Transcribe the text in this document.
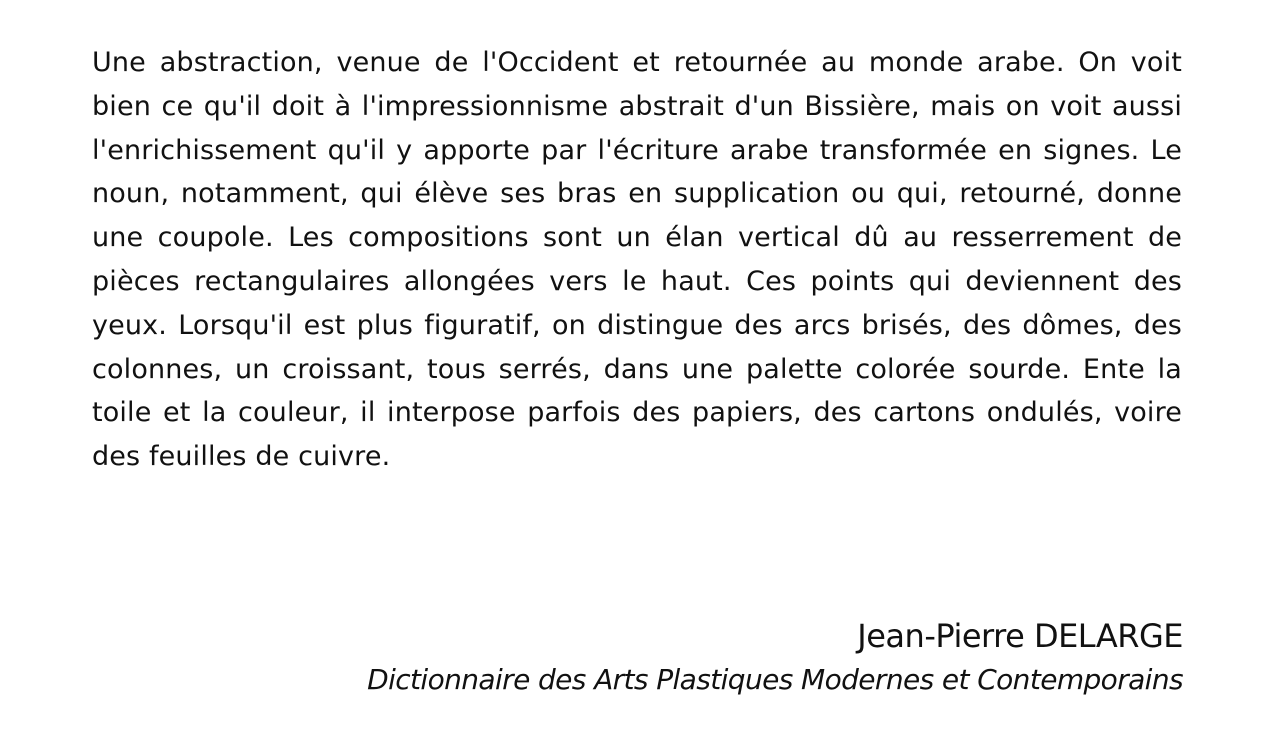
Une abstraction, venue de l'Occident et retournée au monde arabe. On voit bien ce qu'il doit à l'impressionnisme abstrait d'un Bissière, mais on voit aussi l'enrichissement qu'il y apporte par l'écriture arabe transformée en signes. Le noun, notamment, qui élève ses bras en supplication ou qui, retourné, donne une coupole. Les compositions sont un élan vertical dû au resserrement de pièces rectangulaires allongées vers le haut. Ces points qui deviennent des yeux. Lorsqu'il est plus figuratif, on distingue des arcs brisés, des dômes, des colonnes, un croissant, tous serrés, dans une palette colorée sourde. Ente la toile et la couleur, il interpose parfois des papiers, des cartons ondulés, voire des feuilles de cuivre.

Jean-Pierre DELARGE
Dictionnaire des Arts Plastiques Modernes et Contemporains
